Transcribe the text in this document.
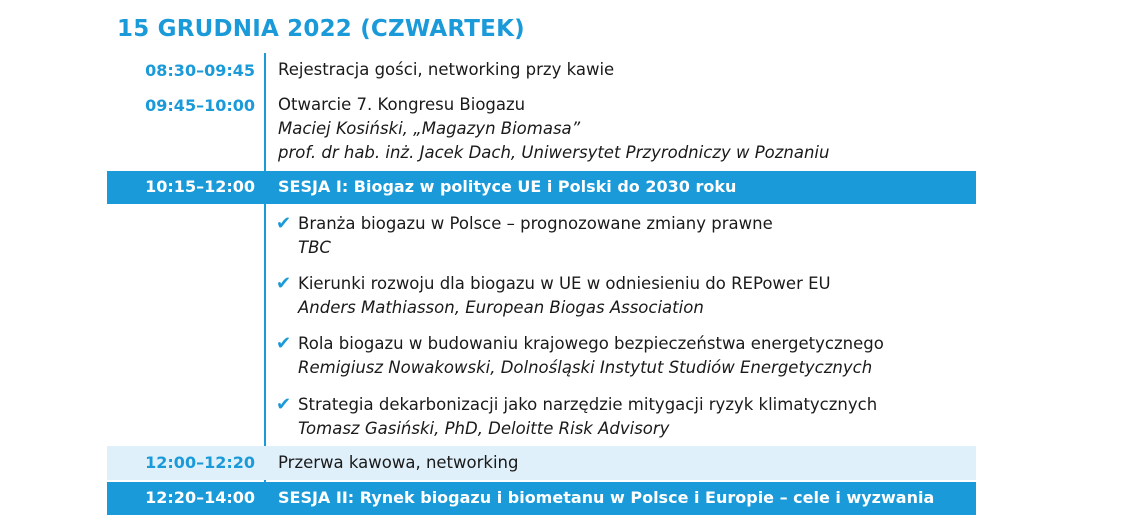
15 GRUDNIA 2022 (CZWARTEK)
08:30–09:45 Rejestracja gości, networking przy kawie
09:45–10:00 Otwarcie 7. Kongresu Biogazu
Maciej Kosiński, „Magazyn Biomasa”
prof. dr hab. inż. Jacek Dach, Uniwersytet Przyrodniczy w Poznaniu
10:15–12:00 SESJA I: Biogaz w polityce UE i Polski do 2030 roku
✔ Branża biogazu w Polsce – prognozowane zmiany prawne
TBC
✔ Kierunki rozwoju dla biogazu w UE w odniesieniu do REPower EU
Anders Mathiasson, European Biogas Association
✔ Rola biogazu w budowaniu krajowego bezpieczeństwa energetycznego
Remigiusz Nowakowski, Dolnośląski Instytut Studiów Energetycznych
✔ Strategia dekarbonizacji jako narzędzie mitygacji ryzyk klimatycznych
Tomasz Gasiński, PhD, Deloitte Risk Advisory
12:00–12:20 Przerwa kawowa, networking
12:20–14:00 SESJA II: Rynek biogazu i biometanu w Polsce i Europie – cele i wyzwania
